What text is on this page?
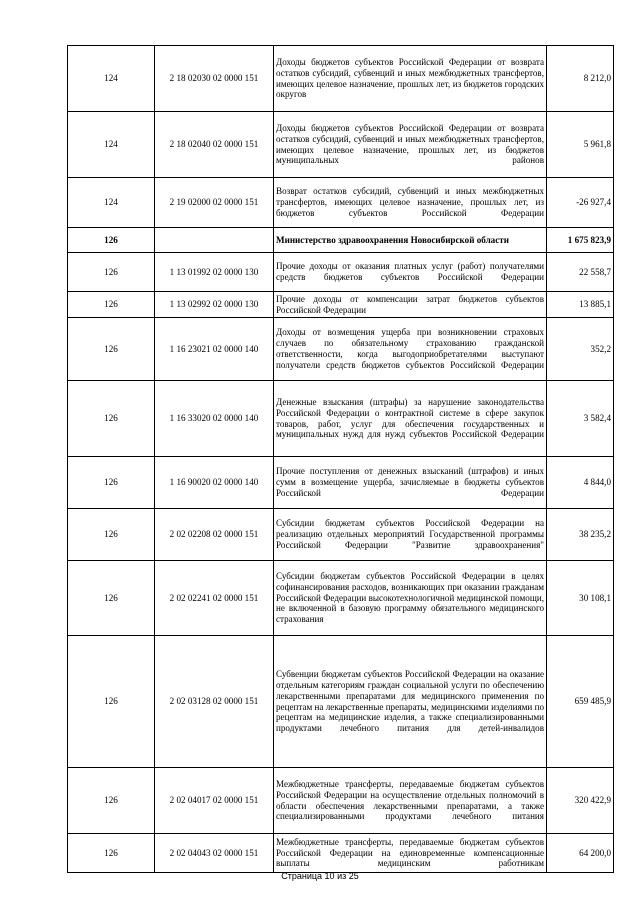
124	2 18 02030 02 0000 151	Доходы бюджетов субъектов Российской Федерации от возврата остатков субсидий, субвенций и иных межбюджетных трансфертов, имеющих целевое назначение, прошлых лет, из бюджетов городских округов	8 212,0
124	2 18 02040 02 0000 151	Доходы бюджетов субъектов Российской Федерации от возврата остатков субсидий, субвенций и иных межбюджетных трансфертов, имеющих целевое назначение, прошлых лет, из бюджетов муниципальных районов	5 961,8
124	2 19 02000 02 0000 151	Возврат остатков субсидий, субвенций и иных межбюджетных трансфертов, имеющих целевое назначение, прошлых лет, из бюджетов субъектов Российской Федерации	-26 927,4
126		Министерство здравоохранения Новосибирской области	1 675 823,9
126	1 13 01992 02 0000 130	Прочие доходы от оказания платных услуг (работ) получателями средств бюджетов субъектов Российской Федерации	22 558,7
126	1 13 02992 02 0000 130	Прочие доходы от компенсации затрат бюджетов субъектов Российской Федерации	13 885,1
126	1 16 23021 02 0000 140	Доходы от возмещения ущерба при возникновении страховых случаев по обязательному страхованию гражданской ответственности, когда выгодоприобретателями выступают получатели средств бюджетов субъектов Российской Федерации	352,2
126	1 16 33020 02 0000 140	Денежные взыскания (штрафы) за нарушение законодательства Российской Федерации о контрактной системе в сфере закупок товаров, работ, услуг для обеспечения государственных и муниципальных нужд для нужд субъектов Российской Федерации	3 582,4
126	1 16 90020 02 0000 140	Прочие поступления от денежных взысканий (штрафов) и иных сумм в возмещение ущерба, зачисляемые в бюджеты субъектов Российской Федерации	4 844,0
126	2 02 02208 02 0000 151	Субсидии бюджетам субъектов Российской Федерации на реализацию отдельных мероприятий Государственной программы Российской Федерации "Развитие здравоохранения"	38 235,2
126	2 02 02241 02 0000 151	Субсидии бюджетам субъектов Российской Федерации в целях софинансирования расходов, возникающих при оказании гражданам Российской Федерации высокотехнологичной медицинской помощи, не включенной в базовую программу обязательного медицинского страхования	30 108,1
126	2 02 03128 02 0000 151	Субвенции бюджетам субъектов Российской Федерации на оказание отдельным категориям граждан социальной услуги по обеспечению лекарственными препаратами для медицинского применения по рецептам на лекарственные препараты, медицинскими изделиями по рецептам на медицинские изделия, а также специализированными продуктами лечебного питания для детей-инвалидов	659 485,9
126	2 02 04017 02 0000 151	Межбюджетные трансферты, передаваемые бюджетам субъектов Российской Федерации на осуществление отдельных полномочий в области обеспечения лекарственными препаратами, а также специализированными продуктами лечебного питания	320 422,9
126	2 02 04043 02 0000 151	Межбюджетные трансферты, передаваемые бюджетам субъектов Российской Федерации на единовременные компенсационные выплаты медицинским работникам	64 200,0
Страница 10 из 25
